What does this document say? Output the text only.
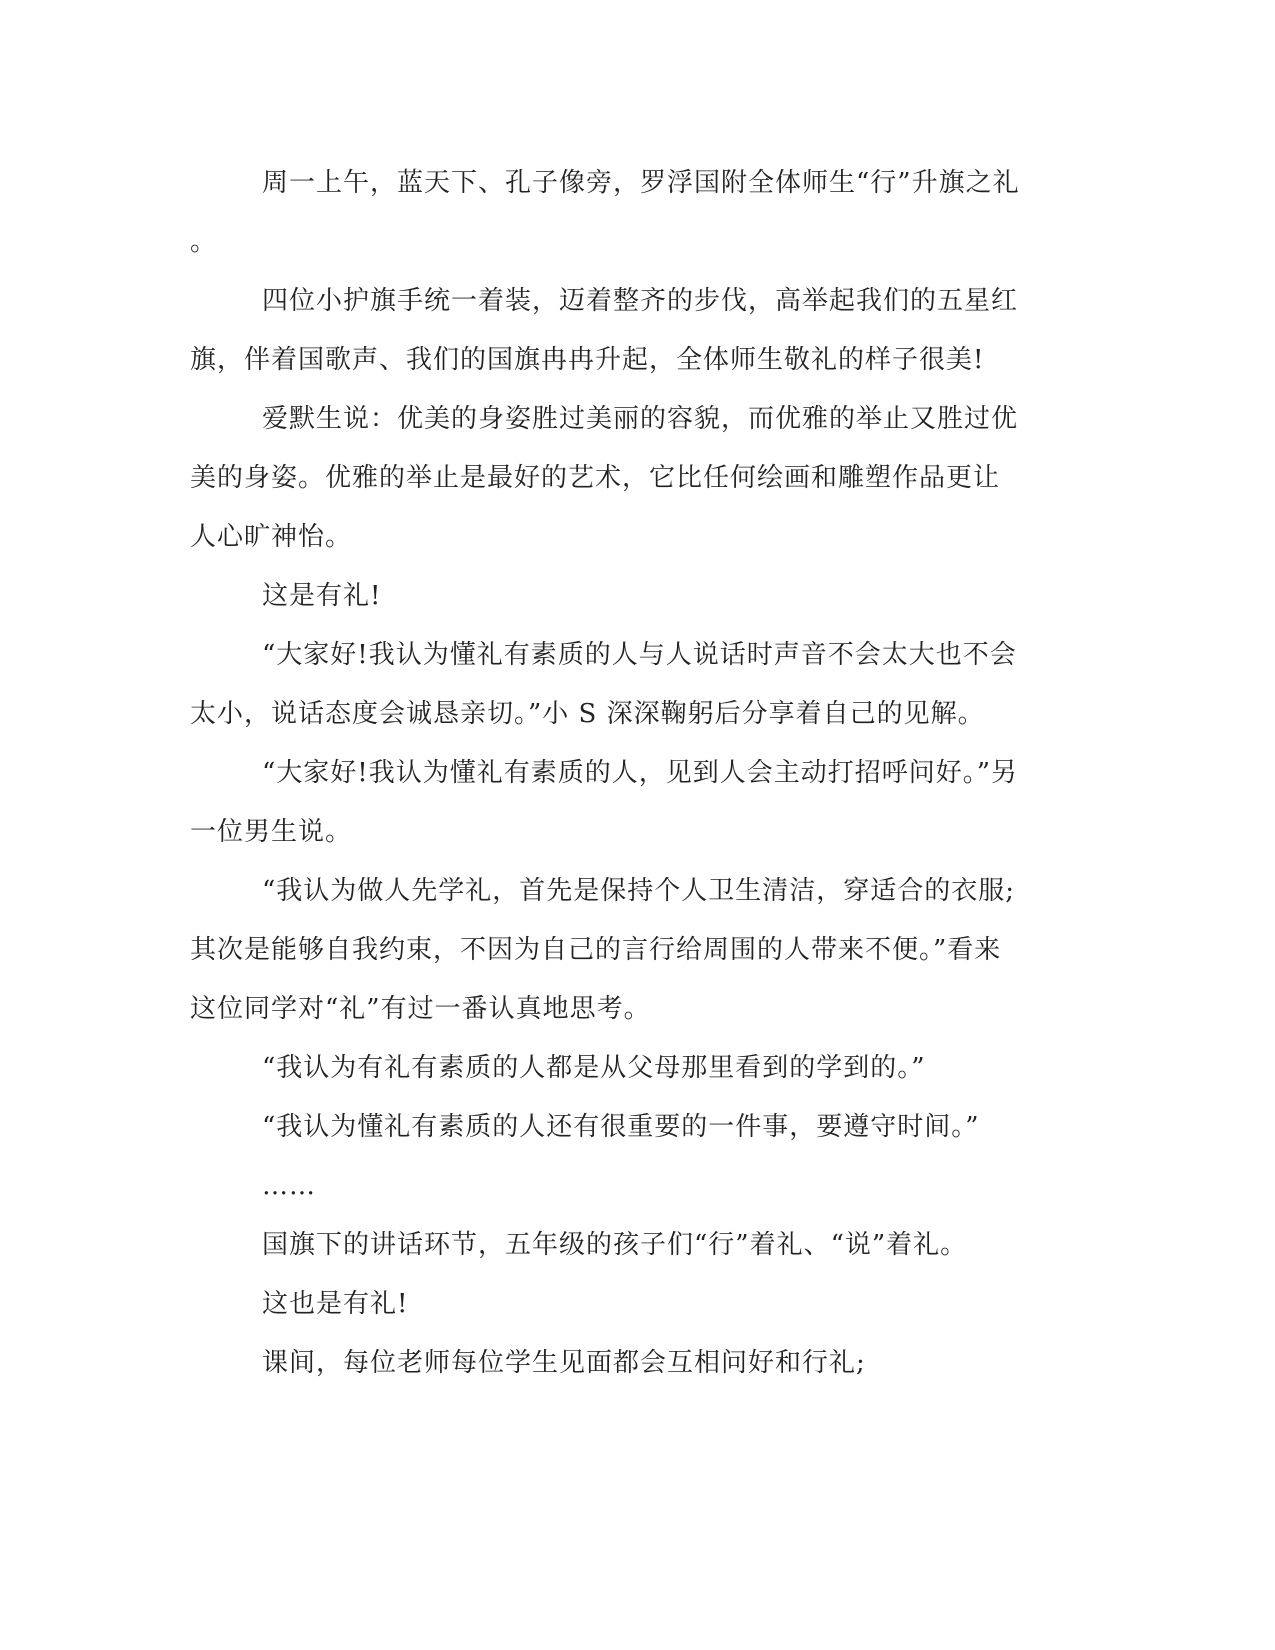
周一上午，蓝天下、孔子像旁，罗浮国附全体师生“行”升旗之礼
。
四位小护旗手统一着装，迈着整齐的步伐，高举起我们的五星红
旗，伴着国歌声、我们的国旗冉冉升起，全体师生敬礼的样子很美!
爱默生说：优美的身姿胜过美丽的容貌，而优雅的举止又胜过优
美的身姿。优雅的举止是最好的艺术，它比任何绘画和雕塑作品更让
人心旷神怡。
这是有礼!
“大家好!我认为懂礼有素质的人与人说话时声音不会太大也不会
太小，说话态度会诚恳亲切。”小 S 深深鞠躬后分享着自己的见解。
“大家好!我认为懂礼有素质的人，见到人会主动打招呼问好。”另
一位男生说。
“我认为做人先学礼，首先是保持个人卫生清洁，穿适合的衣服;
其次是能够自我约束，不因为自己的言行给周围的人带来不便。”看来
这位同学对“礼”有过一番认真地思考。
“我认为有礼有素质的人都是从父母那里看到的学到的。”
“我认为懂礼有素质的人还有很重要的一件事，要遵守时间。”
……
国旗下的讲话环节，五年级的孩子们“行”着礼、“说”着礼。
这也是有礼!
课间，每位老师每位学生见面都会互相问好和行礼;
